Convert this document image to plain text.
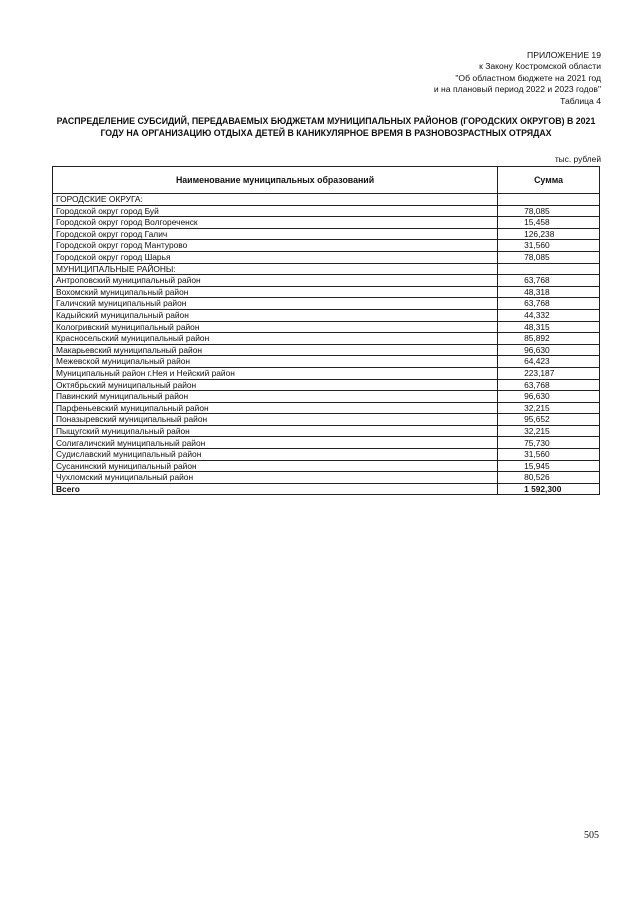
ПРИЛОЖЕНИЕ 19
к Закону Костромской области
"Об областном бюджете на 2021 год
и на плановый период 2022 и 2023 годов"
Таблица 4
РАСПРЕДЕЛЕНИЕ СУБСИДИЙ, ПЕРЕДАВАЕМЫХ БЮДЖЕТАМ МУНИЦИПАЛЬНЫХ РАЙОНОВ (ГОРОДСКИХ ОКРУГОВ) В 2021 ГОДУ НА ОРГАНИЗАЦИЮ ОТДЫХА ДЕТЕЙ В КАНИКУЛЯРНОЕ ВРЕМЯ В РАЗНОВОЗРАСТНЫХ ОТРЯДАХ
тыс. рублей
Наименование муниципальных образований	Сумма
ГОРОДСКИЕ ОКРУГА:	
Городской округ город Буй	78,085
Городской округ город Волгореченск	15,458
Городской округ город Галич	126,238
Городской округ город Мантурово	31,560
Городской округ город Шарья	78,085
МУНИЦИПАЛЬНЫЕ РАЙОНЫ:	
Антроповский муниципальный район	63,768
Вохомский муниципальный район	48,318
Галичский муниципальный район	63,768
Кадыйский муниципальный район	44,332
Кологривский муниципальный район	48,315
Красносельский муниципальный район	85,892
Макарьевский муниципальный район	96,630
Межевской муниципальный район	64,423
Муниципальный район г.Нея и Нейский район	223,187
Октябрьский муниципальный район	63,768
Павинский муниципальный район	96,630
Парфеньевский муниципальный район	32,215
Поназыревский муниципальный район	95,652
Пыщугский муниципальный район	32,215
Солигаличский муниципальный район	75,730
Судиславский муниципальный район	31,560
Сусанинский муниципальный район	15,945
Чухломский муниципальный район	80,526
Всего	1 592,300
505
